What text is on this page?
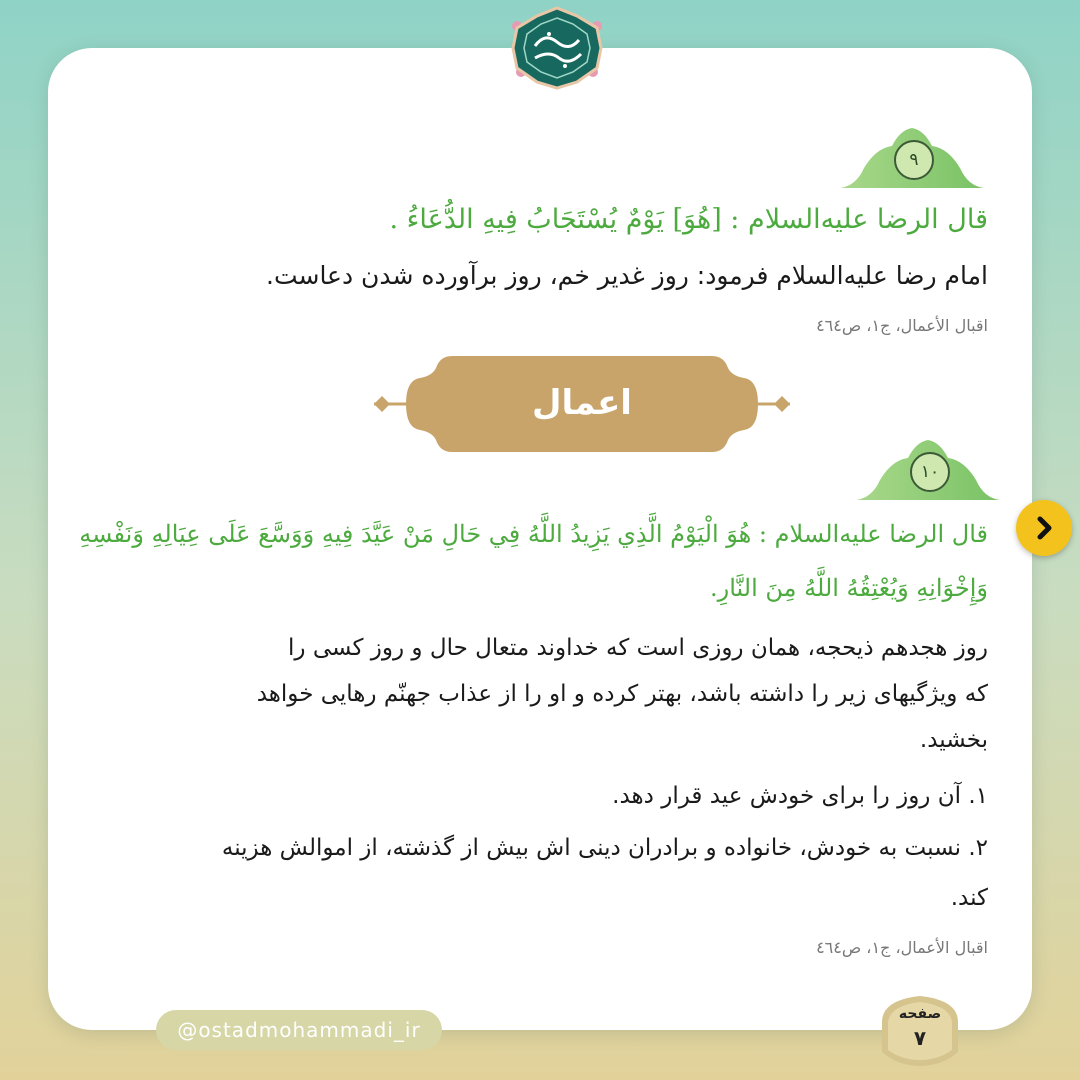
٩
قال الرضا عليه‌السلام : [هُوَ] يَوْمٌ يُسْتَجَابُ فِيهِ الدُّعَاءُ .
امام رضا عليه‌السلام فرمود: روز غدیر خم، روز برآورده شدن دعاست.
اقبال الأعمال، ج١، ص٤٦٤
اعمال
١٠
قال الرضا عليه‌السلام : هُوَ الْيَوْمُ الَّذِي يَزِيدُ اللَّهُ فِي حَالِ مَنْ عَيَّدَ فِيهِ وَوَسَّعَ عَلَى عِيَالِهِ وَنَفْسِهِ
وَإِخْوَانِهِ وَيُعْتِقُهُ اللَّهُ مِنَ النَّارِ.
روز هجدهم ذیحجه، همان روزی است که خداوند متعال حال و روز کسی را
که ویژگیهای زیر را داشته باشد، بهتر کرده و او را از عذاب جهنّم رهایی خواهد
بخشید.
١. آن روز را برای خودش عید قرار دهد.
٢. نسبت به خودش، خانواده و برادران دینی اش بیش از گذشته، از اموالش هزینه
کند.
اقبال الأعمال، ج١، ص٤٦٤
@ostadmohammadi_ir
صفحه
٧
